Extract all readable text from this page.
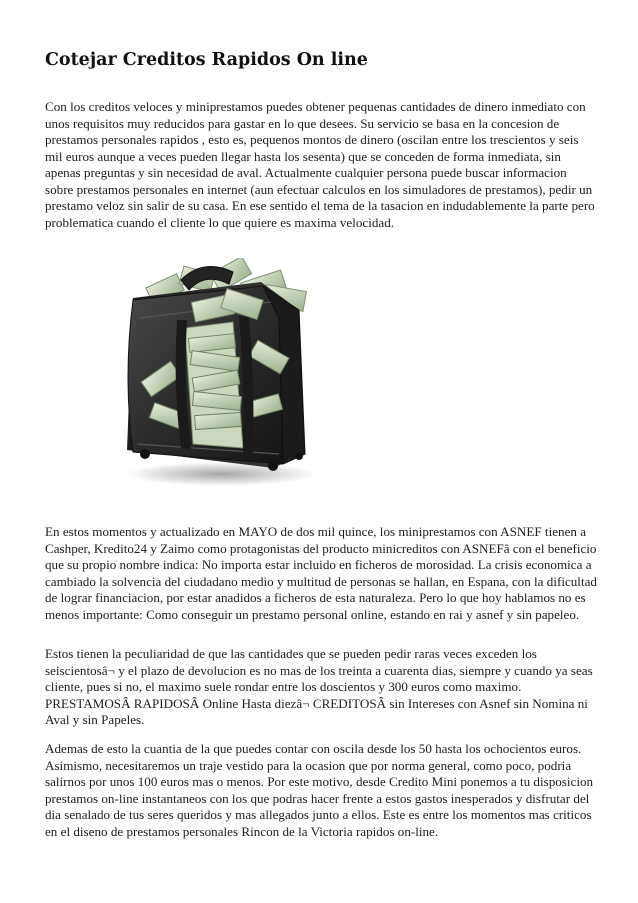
Cotejar Creditos Rapidos On line

Con los creditos veloces y miniprestamos puedes obtener pequenas cantidades de dinero inmediato con unos requisitos muy reducidos para gastar en lo que desees. Su servicio se basa en la concesion de prestamos personales rapidos , esto es, pequenos montos de dinero (oscilan entre los trescientos y seis mil euros aunque a veces pueden llegar hasta los sesenta) que se conceden de forma inmediata, sin apenas preguntas y sin necesidad de aval. Actualmente cualquier persona puede buscar informacion sobre prestamos personales en internet (aun efectuar calculos en los simuladores de prestamos), pedir un prestamo veloz sin salir de su casa. En ese sentido el tema de la tasacion en indudablemente la parte pero problematica cuando el cliente lo que quiere es maxima velocidad.

En estos momentos y actualizado en MAYO de dos mil quince, los miniprestamos con ASNEF tienen a Cashper, Kredito24 y Zaimo como protagonistas del producto minicreditos con ASNEFâ con el beneficio que su propio nombre indica: No importa estar incluido en ficheros de morosidad. La crisis economica a cambiado la solvencia del ciudadano medio y multitud de personas se hallan, en Espana, con la dificultad de lograr financiacion, por estar anadidos a ficheros de esta naturaleza. Pero lo que hoy hablamos no es menos importante: Como conseguir un prestamo personal online, estando en rai y asnef y sin papeleo.

Estos tienen la peculiaridad de que las cantidades que se pueden pedir raras veces exceden los seiscientosâ¬ y el plazo de devolucion es no mas de los treinta a cuarenta dias, siempre y cuando ya seas cliente, pues si no, el maximo suele rondar entre los doscientos y 300 euros como maximo. PRESTAMOSÂ RAPIDOSÂ Online Hasta diezâ¬ CREDITOSÂ sin Intereses con Asnef sin Nomina ni Aval y sin Papeles.

Ademas de esto la cuantia de la que puedes contar con oscila desde los 50 hasta los ochocientos euros. Asimismo, necesitaremos un traje vestido para la ocasion que por norma general, como poco, podria salirnos por unos 100 euros mas o menos. Por este motivo, desde Credito Mini ponemos a tu disposicion prestamos on-line instantaneos con los que podras hacer frente a estos gastos inesperados y disfrutar del dia senalado de tus seres queridos y mas allegados junto a ellos. Este es entre los momentos mas criticos en el diseno de prestamos personales Rincon de la Victoria rapidos on-line.
